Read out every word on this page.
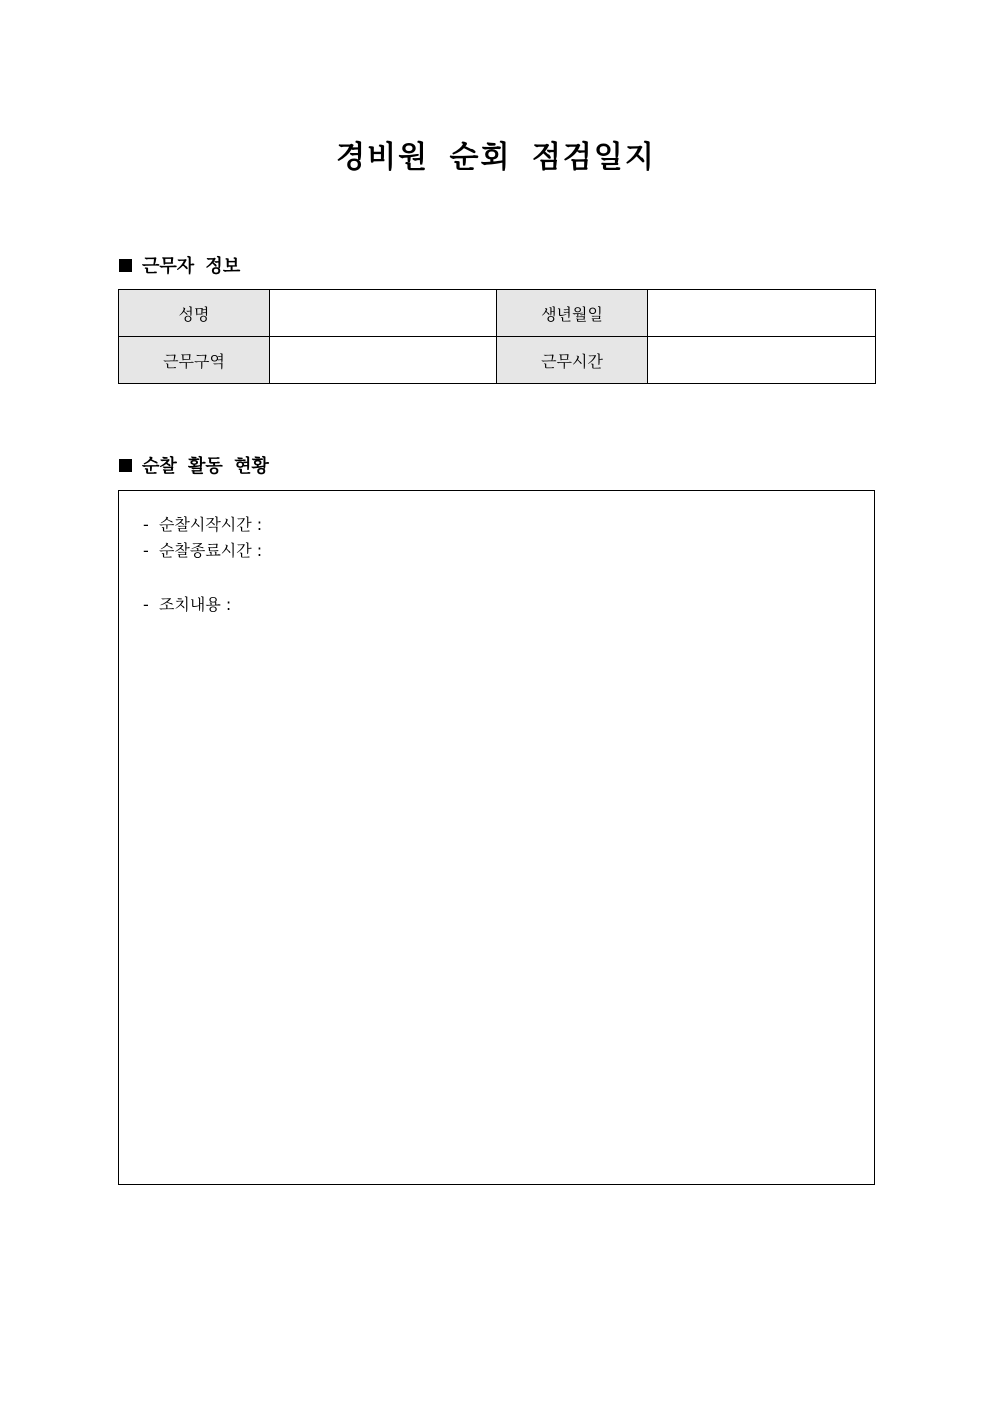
경비원 순회 점검일지
근무자 정보
성명		생년월일	
근무구역		근무시간	
순찰 활동 현황
-  순찰시작시간 :
-  순찰종료시간 :
-  조치내용 :
